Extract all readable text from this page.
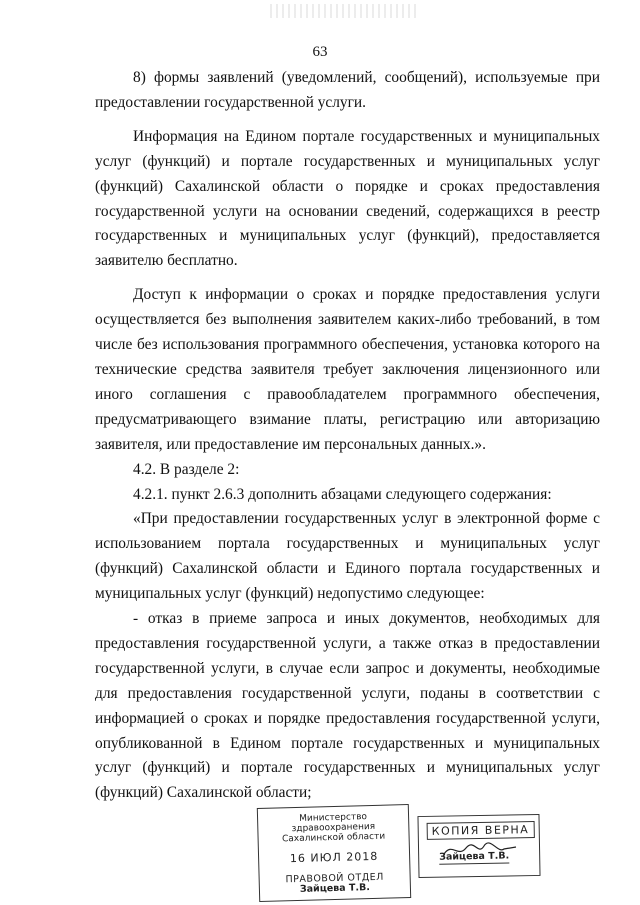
63

8) формы заявлений (уведомлений, сообщений), используемые при предоставлении государственной услуги.

Информация на Едином портале государственных и муниципальных услуг (функций) и портале государственных и муниципальных услуг (функций) Сахалинской области о порядке и сроках предоставления государственной услуги на основании сведений, содержащихся в реестр государственных и муниципальных услуг (функций), предоставляется заявителю бесплатно.

Доступ к информации о сроках и порядке предоставления услуги осуществляется без выполнения заявителем каких-либо требований, в том числе без использования программного обеспечения, установка которого на технические средства заявителя требует заключения лицензионного или иного соглашения с правообладателем программного обеспечения, предусматривающего взимание платы, регистрацию или авторизацию заявителя, или предоставление им персональных данных.».

4.2. В разделе 2:

4.2.1. пункт 2.6.3 дополнить абзацами следующего содержания:

«При предоставлении государственных услуг в электронной форме с использованием портала государственных и муниципальных услуг (функций) Сахалинской области и Единого портала государственных и муниципальных услуг (функций) недопустимо следующее:

- отказ в приеме запроса и иных документов, необходимых для предоставления государственной услуги, а также отказ в предоставлении государственной услуги, в случае если запрос и документы, необходимые для предоставления государственной услуги, поданы в соответствии с информацией о сроках и порядке предоставления государственной услуги, опубликованной в Едином портале государственных и муниципальных услуг (функций) и портале государственных и муниципальных услуг (функций) Сахалинской области;

Министерство здравоохранения
Сахалинской области
16 ИЮЛ 2018
ПРАВОВОЙ ОТДЕЛ
Зайцева Т.В.
КОПИЯ ВЕРНА
Зайцева Т.В.
